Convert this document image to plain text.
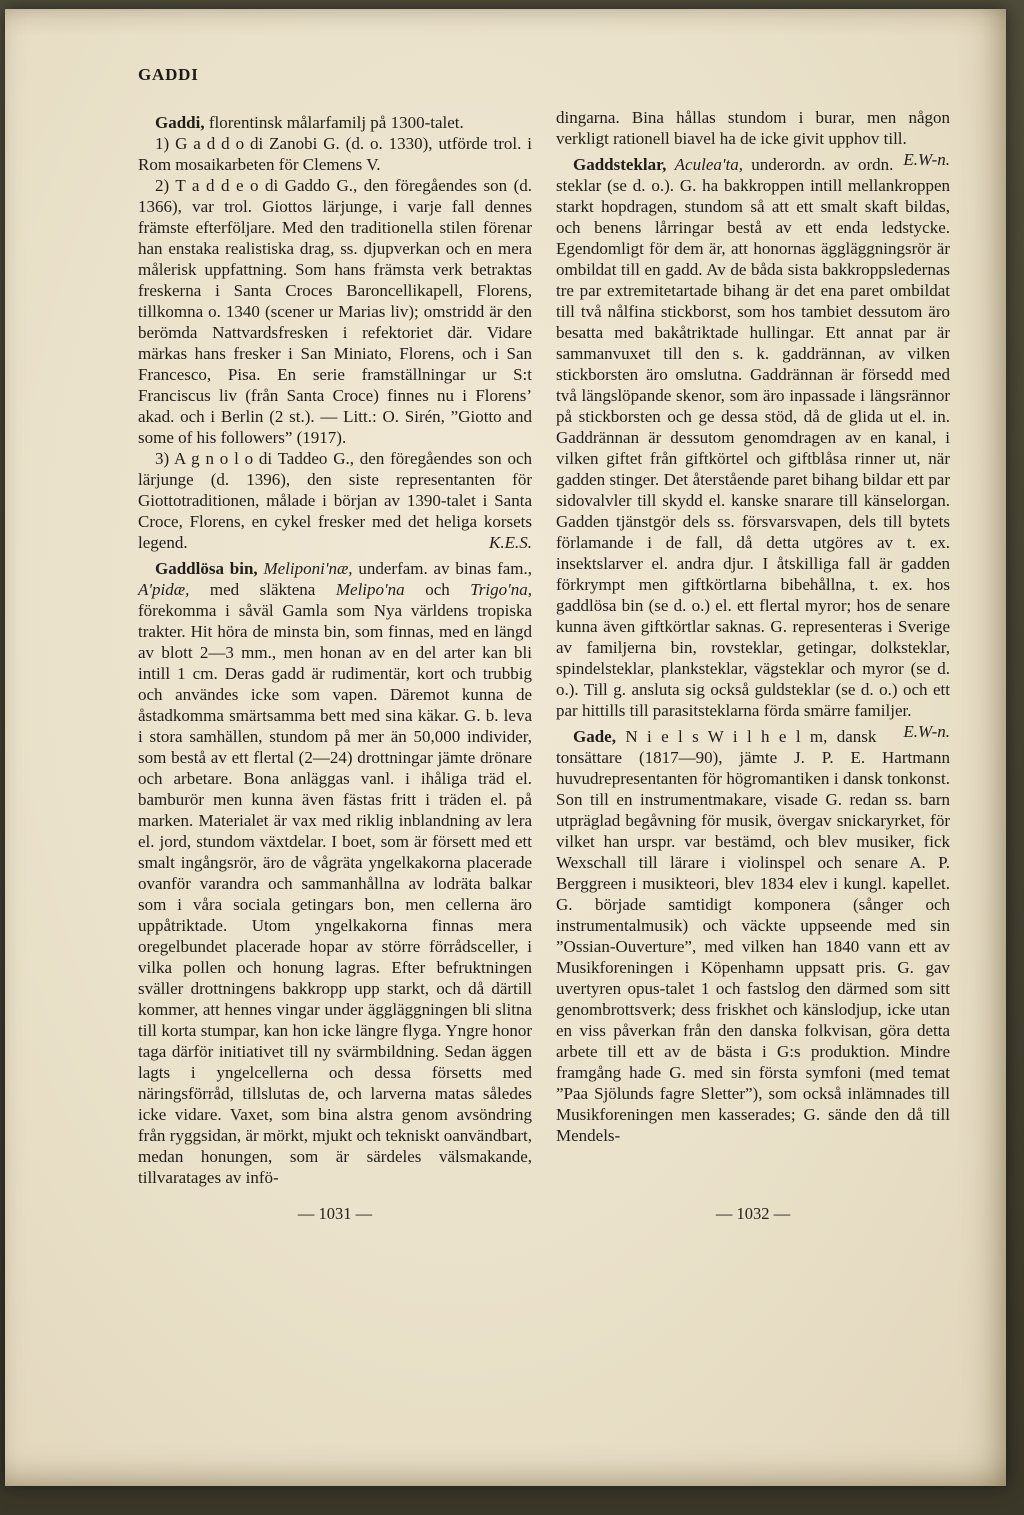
GADDI

Gaddi, florentinsk målarfamilj på 1300-talet.

1) G a d d o di Zanobi G. (d. o. 1330), utförde trol. i Rom mosaikarbeten för Clemens V.

2) T a d d e o di Gaddo G., den föregåendes son (d. 1366), var trol. Giottos lärjunge, i varje fall dennes främste efterföljare. Med den traditionella stilen förenar han enstaka realistiska drag, ss. djupverkan och en mera målerisk uppfattning. Som hans främsta verk betraktas freskerna i Santa Croces Baroncellikapell, Florens, tillkomna o. 1340 (scener ur Marias liv); omstridd är den berömda Nattvardsfresken i refektoriet där. Vidare märkas hans fresker i San Miniato, Florens, och i San Francesco, Pisa. En serie framställningar ur S:t Franciscus liv (från Santa Croce) finnes nu i Florens’ akad. och i Berlin (2 st.). — Litt.: O. Sirén, ”Giotto and some of his followers” (1917).

3) A g n o l o di Taddeo G., den föregåendes son och lärjunge (d. 1396), den siste representanten för Giottotraditionen, målade i början av 1390-talet i Santa Croce, Florens, en cykel fresker med det heliga korsets legend.	K.E.S.

Gaddlösa bin, Meliponi'næ, underfam. av binas fam., A'pidæ, med släktena Melipo'na och Trigo'na, förekomma i såväl Gamla som Nya världens tropiska trakter. Hit höra de minsta bin, som finnas, med en längd av blott 2—3 mm., men honan av en del arter kan bli intill 1 cm. Deras gadd är rudimentär, kort och trubbig och användes icke som vapen. Däremot kunna de åstadkomma smärtsamma bett med sina käkar. G. b. leva i stora samhällen, stundom på mer än 50,000 individer, som bestå av ett flertal (2—24) drottningar jämte drönare och arbetare. Bona anläggas vanl. i ihåliga träd el. bamburör men kunna även fästas fritt i träden el. på marken. Materialet är vax med riklig inblandning av lera el. jord, stundom växtdelar. I boet, som är försett med ett smalt ingångsrör, äro de vågräta yngelkakorna placerade ovanför varandra och sammanhållna av lodräta balkar som i våra sociala getingars bon, men cellerna äro uppåtriktade. Utom yngelkakorna finnas mera oregelbundet placerade hopar av större förrådsceller, i vilka pollen och honung lagras. Efter befruktningen sväller drottningens bakkropp upp starkt, och då därtill kommer, att hennes vingar under äggläggningen bli slitna till korta stumpar, kan hon icke längre flyga. Yngre honor taga därför initiativet till ny svärmbildning. Sedan äggen lagts i yngelcellerna och dessa försetts med näringsförråd, tillslutas de, och larverna matas således icke vidare. Vaxet, som bina alstra genom avsöndring från ryggsidan, är mörkt, mjukt och tekniskt oanvändbart, medan honungen, som är särdeles välsmakande, tillvaratages av infö-

dingarna. Bina hållas stundom i burar, men någon verkligt rationell biavel ha de icke givit upphov till.
E.W-n.

Gaddsteklar, Aculea'ta, underordn. av ordn. steklar (se d. o.). G. ha bakkroppen intill mellankroppen starkt hopdragen, stundom så att ett smalt skaft bildas, och benens lårringar bestå av ett enda ledstycke. Egendomligt för dem är, att honornas äggläggningsrör är ombildat till en gadd. Av de båda sista bakkroppsledernas tre par extremitetartade bihang är det ena paret ombildat till två nålfina stickborst, som hos tambiet dessutom äro besatta med bakåtriktade hullingar. Ett annat par är sammanvuxet till den s. k. gaddrännan, av vilken stickborsten äro omslutna. Gaddrännan är försedd med två längslöpande skenor, som äro inpassade i längsrännor på stickborsten och ge dessa stöd, då de glida ut el. in. Gaddrännan är dessutom genomdragen av en kanal, i vilken giftet från giftkörtel och giftblåsa rinner ut, när gadden stinger. Det återstående paret bihang bildar ett par sidovalvler till skydd el. kanske snarare till känselorgan. Gadden tjänstgör dels ss. försvarsvapen, dels till bytets förlamande i de fall, då detta utgöres av t. ex. insektslarver el. andra djur. I åtskilliga fall är gadden förkrympt men giftkörtlarna bibehållna, t. ex. hos gaddlösa bin (se d. o.) el. ett flertal myror; hos de senare kunna även giftkörtlar saknas. G. representeras i Sverige av familjerna bin, rovsteklar, getingar, dolksteklar, spindelsteklar, planksteklar, vägsteklar och myror (se d. o.). Till g. ansluta sig också guldsteklar (se d. o.) och ett par hittills till parasitsteklarna förda smärre familjer.
E.W-n.

Gade, N i e l s W i l h e l m, dansk tonsättare (1817—90), jämte J. P. E. Hartmann huvudrepresentanten för högromantiken i dansk tonkonst. Son till en instrumentmakare, visade G. redan ss. barn utpräglad begåvning för musik, övergav snickaryrket, för vilket han urspr. var bestämd, och blev musiker, fick Wexschall till lärare i violinspel och senare A. P. Berggreen i musikteori, blev 1834 elev i kungl. kapellet. G. började samtidigt komponera (sånger och instrumentalmusik) och väckte uppseende med sin ”Ossian-Ouverture”, med vilken han 1840 vann ett av Musikforeningen i Köpenhamn uppsatt pris. G. gav uvertyren opus-talet 1 och fastslog den därmed som sitt genombrottsverk; dess friskhet och känslodjup, icke utan en viss påverkan från den danska folkvisan, göra detta arbete till ett av de bästa i G:s produktion. Mindre framgång hade G. med sin första symfoni (med temat ”Paa Sjölunds fagre Sletter”), som också inlämnades till Musikforeningen men kasserades; G. sände den då till Mendels-

— 1031 —	— 1032 —
